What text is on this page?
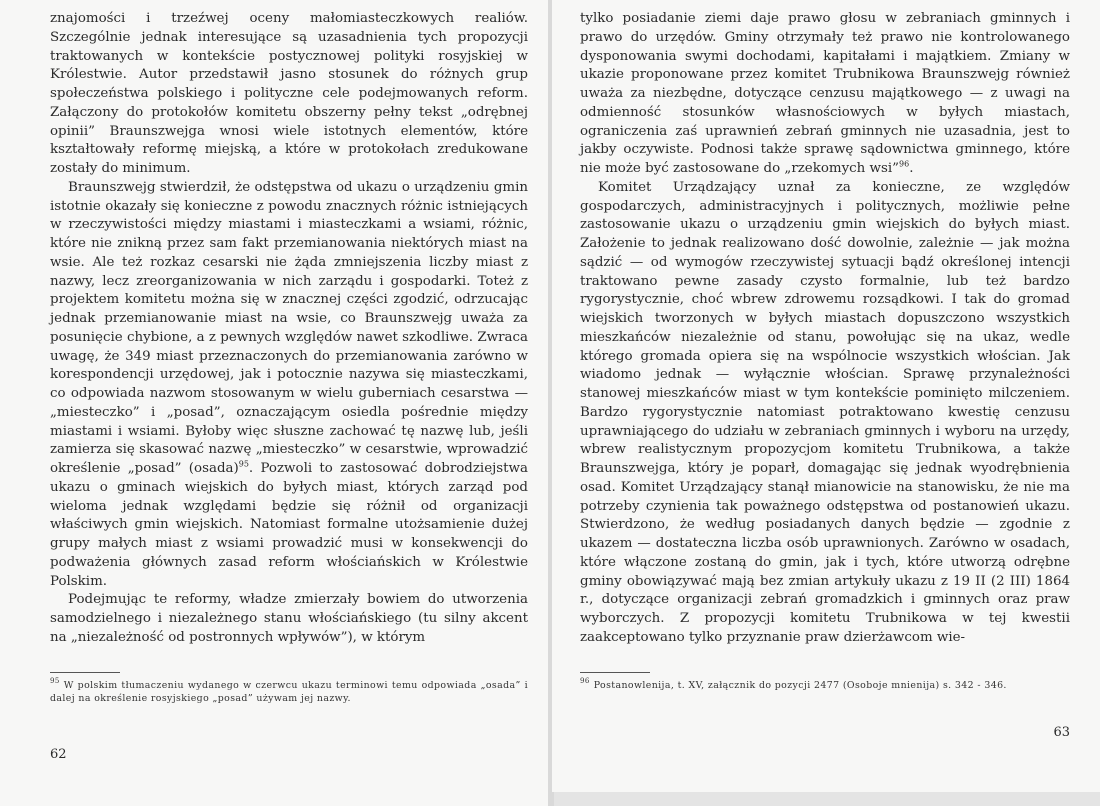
znajomości i trzeźwej oceny małomiasteczkowych realiów. Szczególnie jednak interesujące są uzasadnienia tych propozycji traktowanych w kontekście postycznowej polityki rosyjskiej w Królestwie. Autor przedstawił jasno stosunek do różnych grup społeczeństwa polskiego i polityczne cele podejmowanych reform. Załączony do protokołów komitetu obszerny pełny tekst „odrębnej opinii” Braunszwejga wnosi wiele istotnych elementów, które kształtowały reformę miejską, a które w protokołach zredukowane zostały do minimum.

Braunszwejg stwierdził, że odstępstwa od ukazu o urządzeniu gmin istotnie okazały się konieczne z powodu znacznych różnic istniejących w rzeczywistości między miastami i miasteczkami a wsiami, różnic, które nie znikną przez sam fakt przemianowania niektórych miast na wsie. Ale też rozkaz cesarski nie żąda zmniejszenia liczby miast z nazwy, lecz zreorganizowania w nich zarządu i gospodarki. Toteż z projektem komitetu można się w znacznej części zgodzić, odrzucając jednak przemianowanie miast na wsie, co Braunszwejg uważa za posunięcie chybione, a z pewnych względów nawet szkodliwe. Zwraca uwagę, że 349 miast przeznaczonych do przemianowania zarówno w korespondencji urzędowej, jak i potocznie nazywa się miasteczkami, co odpowiada nazwom stosowanym w wielu guberniach cesarstwa — „miesteczko” i „posad”, oznaczającym osiedla pośrednie między miastami i wsiami. Byłoby więc słuszne zachować tę nazwę lub, jeśli zamierza się skasować nazwę „miesteczko” w cesarstwie, wprowadzić określenie „posad” (osada)$^{95}$. Pozwoli to zastosować dobrodziejstwa ukazu o gminach wiejskich do byłych miast, których zarząd pod wieloma jednak względami będzie się różnił od organizacji właściwych gmin wiejskich. Natomiast formalne utożsamienie dużej grupy małych miast z wsiami prowadzić musi w konsekwencji do podważenia głównych zasad reform włościańskich w Królestwie Polskim.

Podejmując te reformy, władze zmierzały bowiem do utworzenia samodzielnego i niezależnego stanu włościańskiego (tu silny akcent na „niezależność od postronnych wpływów”), w którym

$^{95}$ W polskim tłumaczeniu wydanego w czerwcu ukazu terminowi temu odpowiada „osada” i dalej na określenie rosyjskiego „posad” używam jej nazwy.
62

tylko posiadanie ziemi daje prawo głosu w zebraniach gminnych i prawo do urzędów. Gminy otrzymały też prawo nie kontrolowanego dysponowania swymi dochodami, kapitałami i majątkiem. Zmiany w ukazie proponowane przez komitet Trubnikowa Braunszwejg również uważa za niezbędne, dotyczące cenzusu majątkowego — z uwagi na odmienność stosunków własnościowych w byłych miastach, ograniczenia zaś uprawnień zebrań gminnych nie uzasadnia, jest to jakby oczywiste. Podnosi także sprawę sądownictwa gminnego, które nie może być zastosowane do „rzekomych wsi”$^{96}$.

Komitet Urządzający uznał za konieczne, ze względów gospodarczych, administracyjnych i politycznych, możliwie pełne zastosowanie ukazu o urządzeniu gmin wiejskich do byłych miast. Założenie to jednak realizowano dość dowolnie, zależnie — jak można sądzić — od wymogów rzeczywistej sytuacji bądź określonej intencji traktowano pewne zasady czysto formalnie, lub też bardzo rygorystycznie, choć wbrew zdrowemu rozsądkowi. I tak do gromad wiejskich tworzonych w byłych miastach dopuszczono wszystkich mieszkańców niezależnie od stanu, powołując się na ukaz, wedle którego gromada opiera się na wspólnocie wszystkich włościan. Jak wiadomo jednak — wyłącznie włościan. Sprawę przynależności stanowej mieszkańców miast w tym kontekście pominięto milczeniem. Bardzo rygorystycznie natomiast potraktowano kwestię cenzusu uprawniającego do udziału w zebraniach gminnych i wyboru na urzędy, wbrew realistycznym propozycjom komitetu Trubnikowa, a także Braunszwejga, który je poparł, domagając się jednak wyodrębnienia osad. Komitet Urządzający stanął mianowicie na stanowisku, że nie ma potrzeby czynienia tak poważnego odstępstwa od postanowień ukazu. Stwierdzono, że według posiadanych danych będzie — zgodnie z ukazem — dostateczna liczba osób uprawnionych. Zarówno w osadach, które włączone zostaną do gmin, jak i tych, które utworzą odrębne gminy obowiązywać mają bez zmian artykuły ukazu z 19 II (2 III) 1864 r., dotyczące organizacji zebrań gromadzkich i gminnych oraz praw wyborczych. Z propozycji komitetu Trubnikowa w tej kwestii zaakceptowano tylko przyznanie praw dzierżawcom wie-

$^{96}$ Postanowlenija, t. XV, załącznik do pozycji 2477 (Osoboje mnienija) s. 342 - 346.
63
